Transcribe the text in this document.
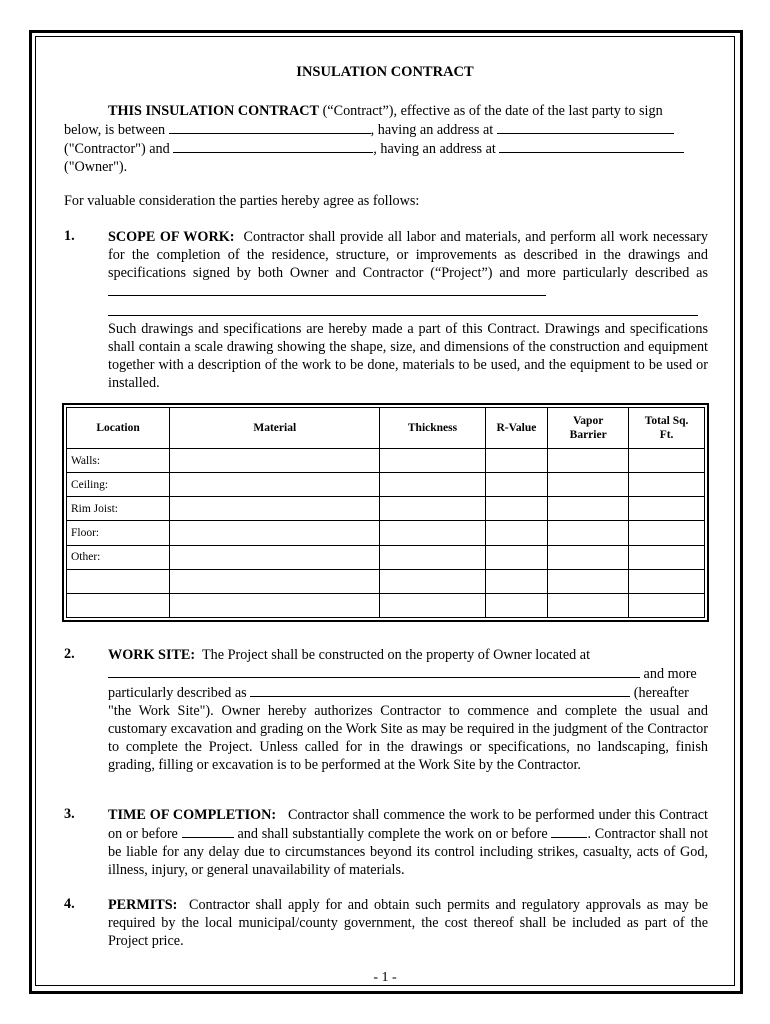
INSULATION CONTRACT
THIS INSULATION CONTRACT (“Contract”), effective as of the date of the last party to sign
below, is between	, having an address at
("Contractor") and	, having an address at
("Owner").
For valuable consideration the parties hereby agree as follows:
1. SCOPE OF WORK: Contractor shall provide all labor and materials, and perform all work necessary for the completion of the residence, structure, or improvements as described in the drawings and specifications signed by both Owner and Contractor (“Project”) and more particularly described as
Such drawings and specifications are hereby made a part of this Contract. Drawings and specifications shall contain a scale drawing showing the shape, size, and dimensions of the construction and equipment together with a description of the work to be done, materials to be used, and the equipment to be used or installed.
Location	Material	Thickness	R-Value	Vapor Barrier	Total Sq. Ft.
Walls:					
Ceiling:					
Rim Joist:					
Floor:					
Other:					

2. WORK SITE: The Project shall be constructed on the property of Owner located at
and more
particularly described as	(hereafter
"the Work Site"). Owner hereby authorizes Contractor to commence and complete the usual and customary excavation and grading on the Work Site as may be required in the judgment of the Contractor to complete the Project. Unless called for in the drawings or specifications, no landscaping, finish grading, filling or excavation is to be performed at the Work Site by the Contractor.
3. TIME OF COMPLETION: Contractor shall commence the work to be performed under this Contract on or before	and shall substantially complete the work on or before	. Contractor shall not be liable for any delay due to circumstances beyond its control including strikes, casualty, acts of God, illness, injury, or general unavailability of materials.
4. PERMITS: Contractor shall apply for and obtain such permits and regulatory approvals as may be required by the local municipal/county government, the cost thereof shall be included as part of the Project price.
- 1 -
